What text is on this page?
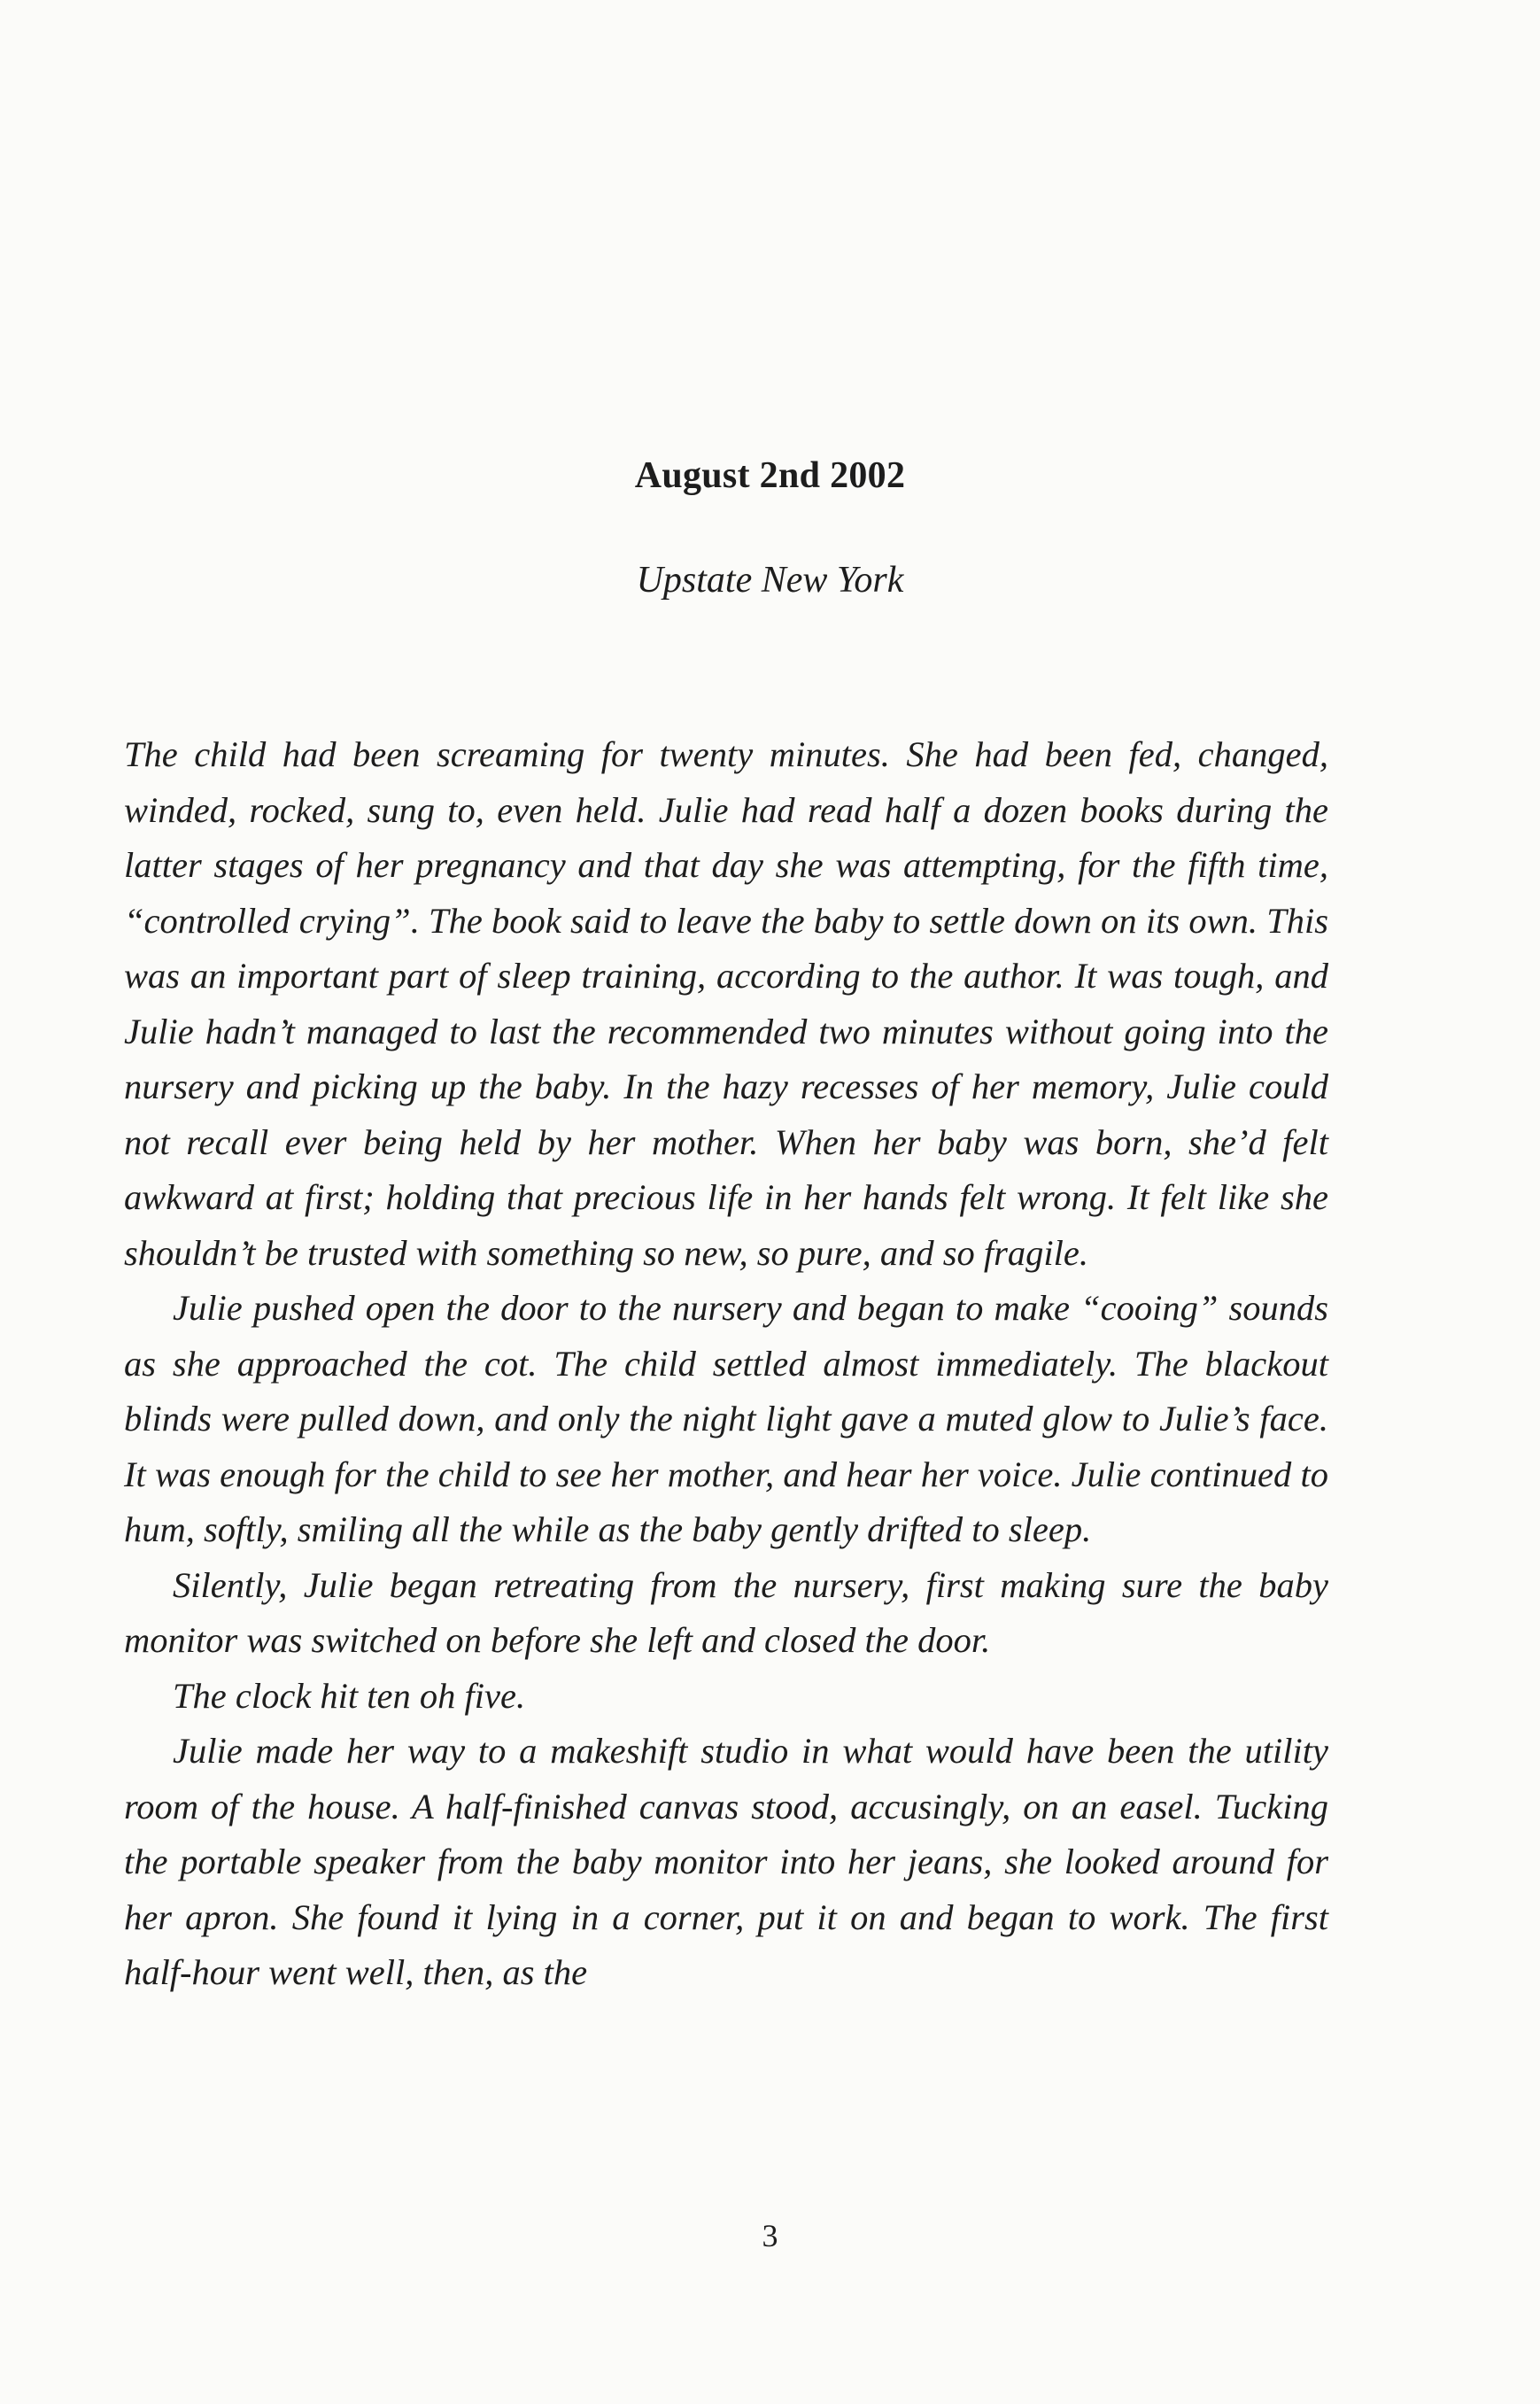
August 2nd 2002
Upstate New York

The child had been screaming for twenty minutes. She had been fed, changed, winded, rocked, sung to, even held. Julie had read half a dozen books during the latter stages of her pregnancy and that day she was attempting, for the fifth time, “controlled crying”. The book said to leave the baby to settle down on its own. This was an important part of sleep training, according to the author. It was tough, and Julie hadn’t managed to last the recommended two minutes without going into the nursery and picking up the baby. In the hazy recesses of her memory, Julie could not recall ever being held by her mother. When her baby was born, she’d felt awkward at first; holding that precious life in her hands felt wrong. It felt like she shouldn’t be trusted with something so new, so pure, and so fragile.

Julie pushed open the door to the nursery and began to make “cooing” sounds as she approached the cot. The child settled almost immediately. The blackout blinds were pulled down, and only the night light gave a muted glow to Julie’s face. It was enough for the child to see her mother, and hear her voice. Julie continued to hum, softly, smiling all the while as the baby gently drifted to sleep.

Silently, Julie began retreating from the nursery, first making sure the baby monitor was switched on before she left and closed the door.

The clock hit ten oh five.

Julie made her way to a makeshift studio in what would have been the utility room of the house. A half-finished canvas stood, accusingly, on an easel. Tucking the portable speaker from the baby monitor into her jeans, she looked around for her apron. She found it lying in a corner, put it on and began to work. The first half-hour went well, then, as the

3
